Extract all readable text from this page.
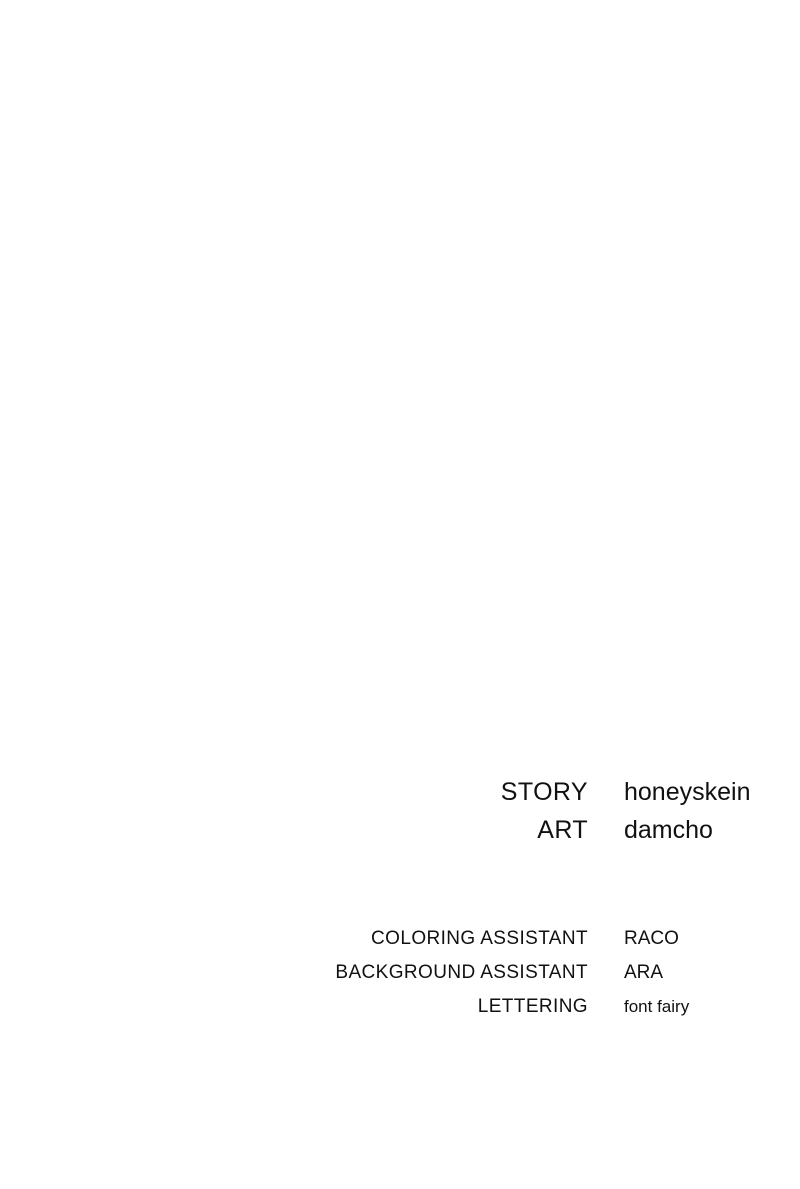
STORY honeyskein
ART damcho
COLORING ASSISTANT RACO
BACKGROUND ASSISTANT ARA
LETTERING font fairy
